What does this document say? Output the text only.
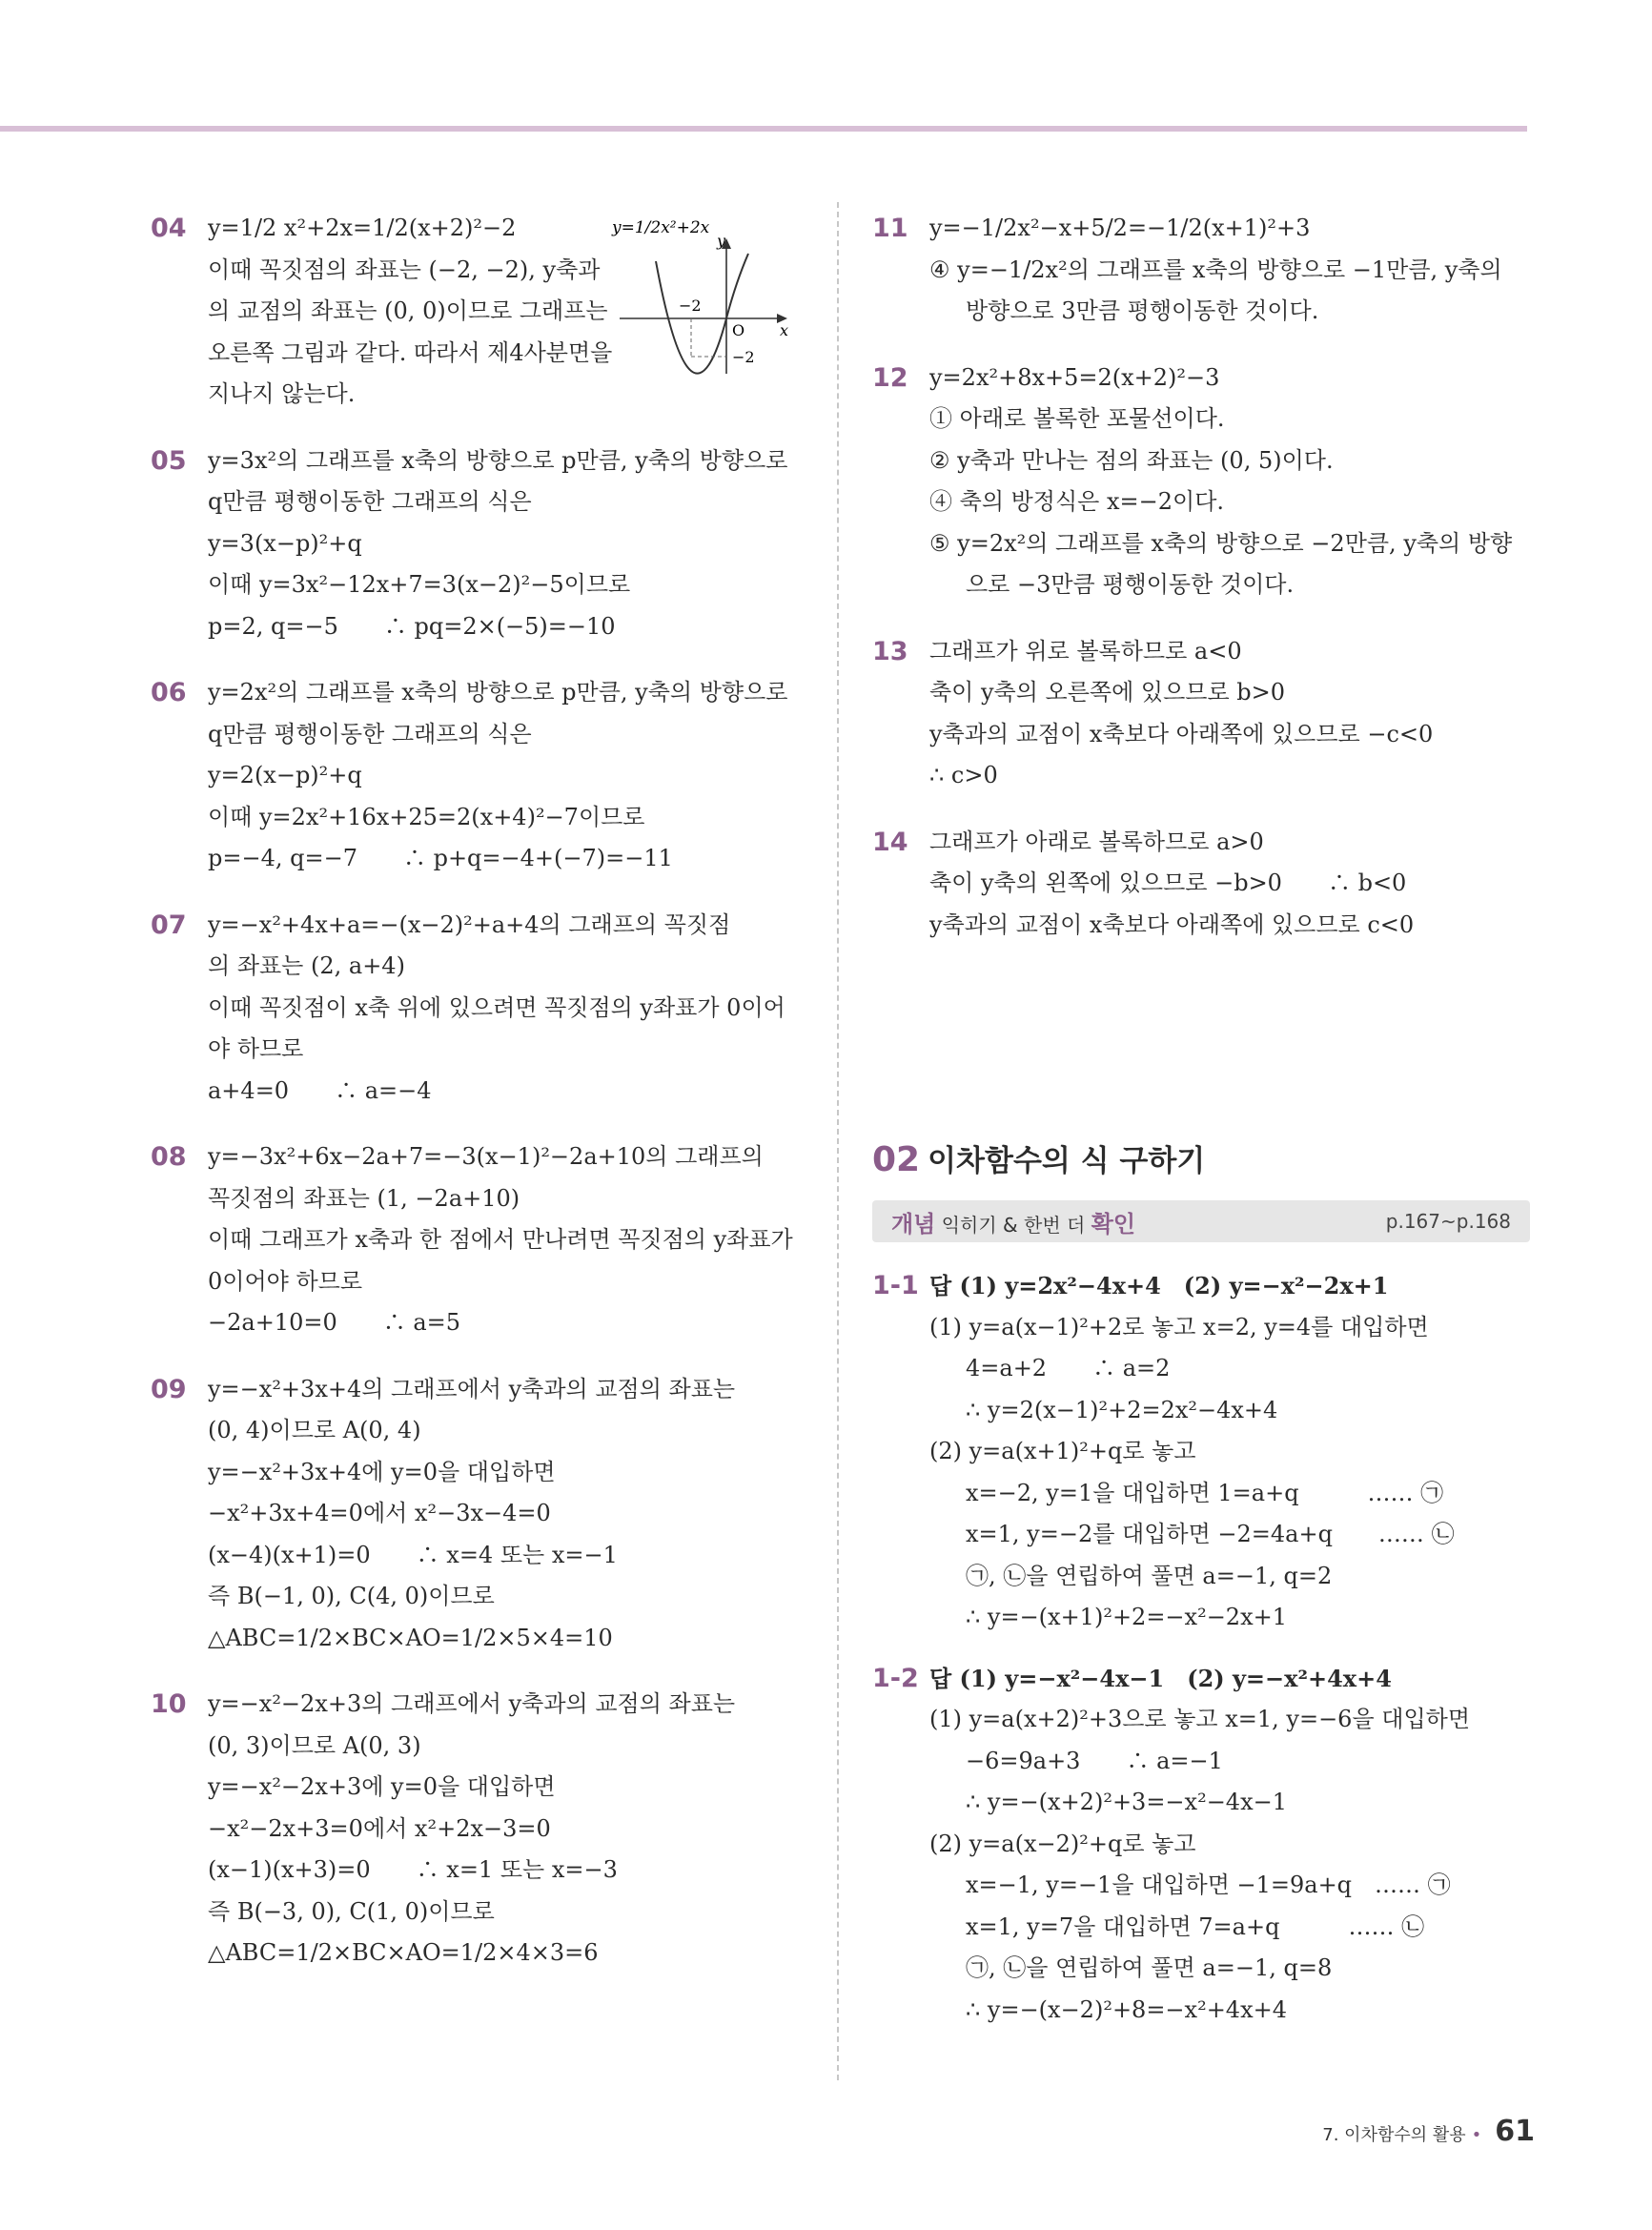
04 y=1/2 x²+2x=1/2(x+2)²−2
이때 꼭짓점의 좌표는 (−2, −2), y축과
의 교점의 좌표는 (0, 0)이므로 그래프는
오른쪽 그림과 같다. 따라서 제4사분면을
지나지 않는다.
y=1/2x²+2x
y
x
O
−2
−2
05 y=3x²의 그래프를 x축의 방향으로 p만큼, y축의 방향으로
q만큼 평행이동한 그래프의 식은
y=3(x−p)²+q
이때 y=3x²−12x+7=3(x−2)²−5이므로
p=2, q=−5　　∴ pq=2×(−5)=−10
06 y=2x²의 그래프를 x축의 방향으로 p만큼, y축의 방향으로
q만큼 평행이동한 그래프의 식은
y=2(x−p)²+q
이때 y=2x²+16x+25=2(x+4)²−7이므로
p=−4, q=−7　　∴ p+q=−4+(−7)=−11
07 y=−x²+4x+a=−(x−2)²+a+4의 그래프의 꼭짓점
의 좌표는 (2, a+4)
이때 꼭짓점이 x축 위에 있으려면 꼭짓점의 y좌표가 0이어
야 하므로
a+4=0　　∴ a=−4
08 y=−3x²+6x−2a+7=−3(x−1)²−2a+10의 그래프의
꼭짓점의 좌표는 (1, −2a+10)
이때 그래프가 x축과 한 점에서 만나려면 꼭짓점의 y좌표가
0이어야 하므로
−2a+10=0　　∴ a=5
09 y=−x²+3x+4의 그래프에서 y축과의 교점의 좌표는
(0, 4)이므로 A(0, 4)
y=−x²+3x+4에 y=0을 대입하면
−x²+3x+4=0에서 x²−3x−4=0
(x−4)(x+1)=0　　∴ x=4 또는 x=−1
즉 B(−1, 0), C(4, 0)이므로
△ABC=1/2×BC×AO=1/2×5×4=10
10 y=−x²−2x+3의 그래프에서 y축과의 교점의 좌표는
(0, 3)이므로 A(0, 3)
y=−x²−2x+3에 y=0을 대입하면
−x²−2x+3=0에서 x²+2x−3=0
(x−1)(x+3)=0　　∴ x=1 또는 x=−3
즉 B(−3, 0), C(1, 0)이므로
△ABC=1/2×BC×AO=1/2×4×3=6
11 y=−1/2x²−x+5/2=−1/2(x+1)²+3
④ y=−1/2x²의 그래프를 x축의 방향으로 −1만큼, y축의
방향으로 3만큼 평행이동한 것이다.
12 y=2x²+8x+5=2(x+2)²−3
① 아래로 볼록한 포물선이다.
② y축과 만나는 점의 좌표는 (0, 5)이다.
④ 축의 방정식은 x=−2이다.
⑤ y=2x²의 그래프를 x축의 방향으로 −2만큼, y축의 방향
으로 −3만큼 평행이동한 것이다.
13 그래프가 위로 볼록하므로 a<0
축이 y축의 오른쪽에 있으므로 b>0
y축과의 교점이 x축보다 아래쪽에 있으므로 −c<0
∴ c>0
14 그래프가 아래로 볼록하므로 a>0
축이 y축의 왼쪽에 있으므로 −b>0　　∴ b<0
y축과의 교점이 x축보다 아래쪽에 있으므로 c<0
02 이차함수의 식 구하기
개념 익히기 & 한번 더 확인	p.167~p.168
1-1 답 (1) y=2x²−4x+4　(2) y=−x²−2x+1
(1) y=a(x−1)²+2로 놓고 x=2, y=4를 대입하면
4=a+2　　∴ a=2
∴ y=2(x−1)²+2=2x²−4x+4
(2) y=a(x+1)²+q로 놓고
x=−2, y=1을 대입하면 1=a+q　　　…… ㉠
x=1, y=−2를 대입하면 −2=4a+q　　…… ㉡
㉠, ㉡을 연립하여 풀면 a=−1, q=2
∴ y=−(x+1)²+2=−x²−2x+1
1-2 답 (1) y=−x²−4x−1　(2) y=−x²+4x+4
(1) y=a(x+2)²+3으로 놓고 x=1, y=−6을 대입하면
−6=9a+3　　∴ a=−1
∴ y=−(x+2)²+3=−x²−4x−1
(2) y=a(x−2)²+q로 놓고
x=−1, y=−1을 대입하면 −1=9a+q　…… ㉠
x=1, y=7을 대입하면 7=a+q　　　…… ㉡
㉠, ㉡을 연립하여 풀면 a=−1, q=8
∴ y=−(x−2)²+8=−x²+4x+4
7. 이차함수의 활용 • 61
